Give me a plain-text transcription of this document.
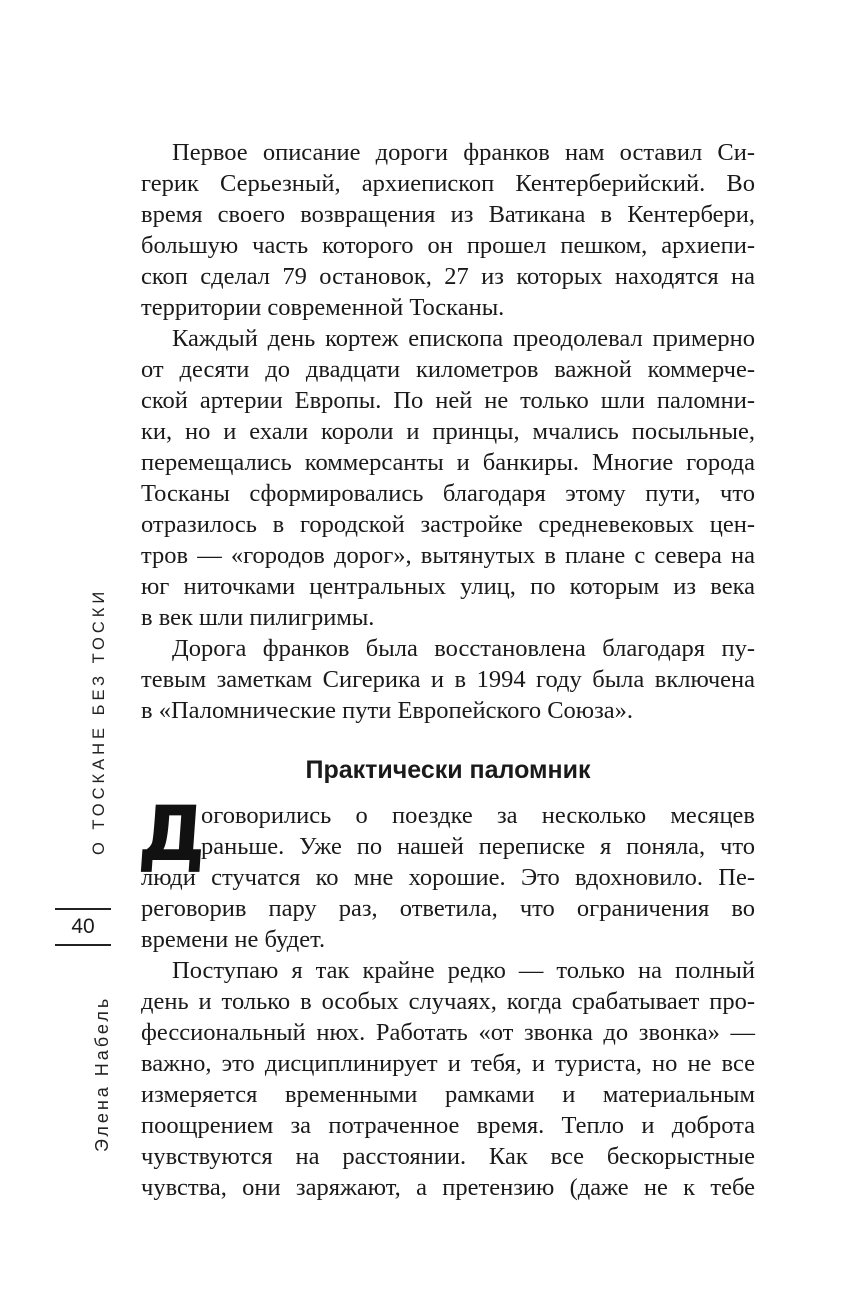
Первое описание дороги франков нам оставил Си-
герик Серьезный, архиепископ Кентерберийский. Во
время своего возвращения из Ватикана в Кентербери,
большую часть которого он прошел пешком, архиепи-
скоп сделал 79 остановок, 27 из которых находятся на
территории современной Тосканы.
Каждый день кортеж епископа преодолевал примерно
от десяти до двадцати километров важной коммерче-
ской артерии Европы. По ней не только шли паломни-
ки, но и ехали короли и принцы, мчались посыльные,
перемещались коммерсанты и банкиры. Многие города
Тосканы сформировались благодаря этому пути, что
отразилось в городской застройке средневековых цен-
тров — «городов дорог», вытянутых в плане с севера на
юг ниточками центральных улиц, по которым из века
в век шли пилигримы.
Дорога франков была восстановлена благодаря пу-
тевым заметкам Сигерика и в 1994 году была включена
в «Паломнические пути Европейского Союза».
Практически паломник
Д
оговорились о поездке за несколько месяцев
раньше. Уже по нашей переписке я поняла, что
люди стучатся ко мне хорошие. Это вдохновило. Пе-
реговорив пару раз, ответила, что ограничения во
времени не будет.
Поступаю я так крайне редко — только на полный
день и только в особых случаях, когда срабатывает про-
фессиональный нюх. Работать «от звонка до звонка» —
важно, это дисциплинирует и тебя, и туриста, но не все
измеряется временными рамками и материальным
поощрением за потраченное время. Тепло и доброта
чувствуются на расстоянии. Как все бескорыстные
чувства, они заряжают, а претензию (даже не к тебе
О ТОСКАНЕ БЕЗ ТОСКИ
40
Элена Набель
